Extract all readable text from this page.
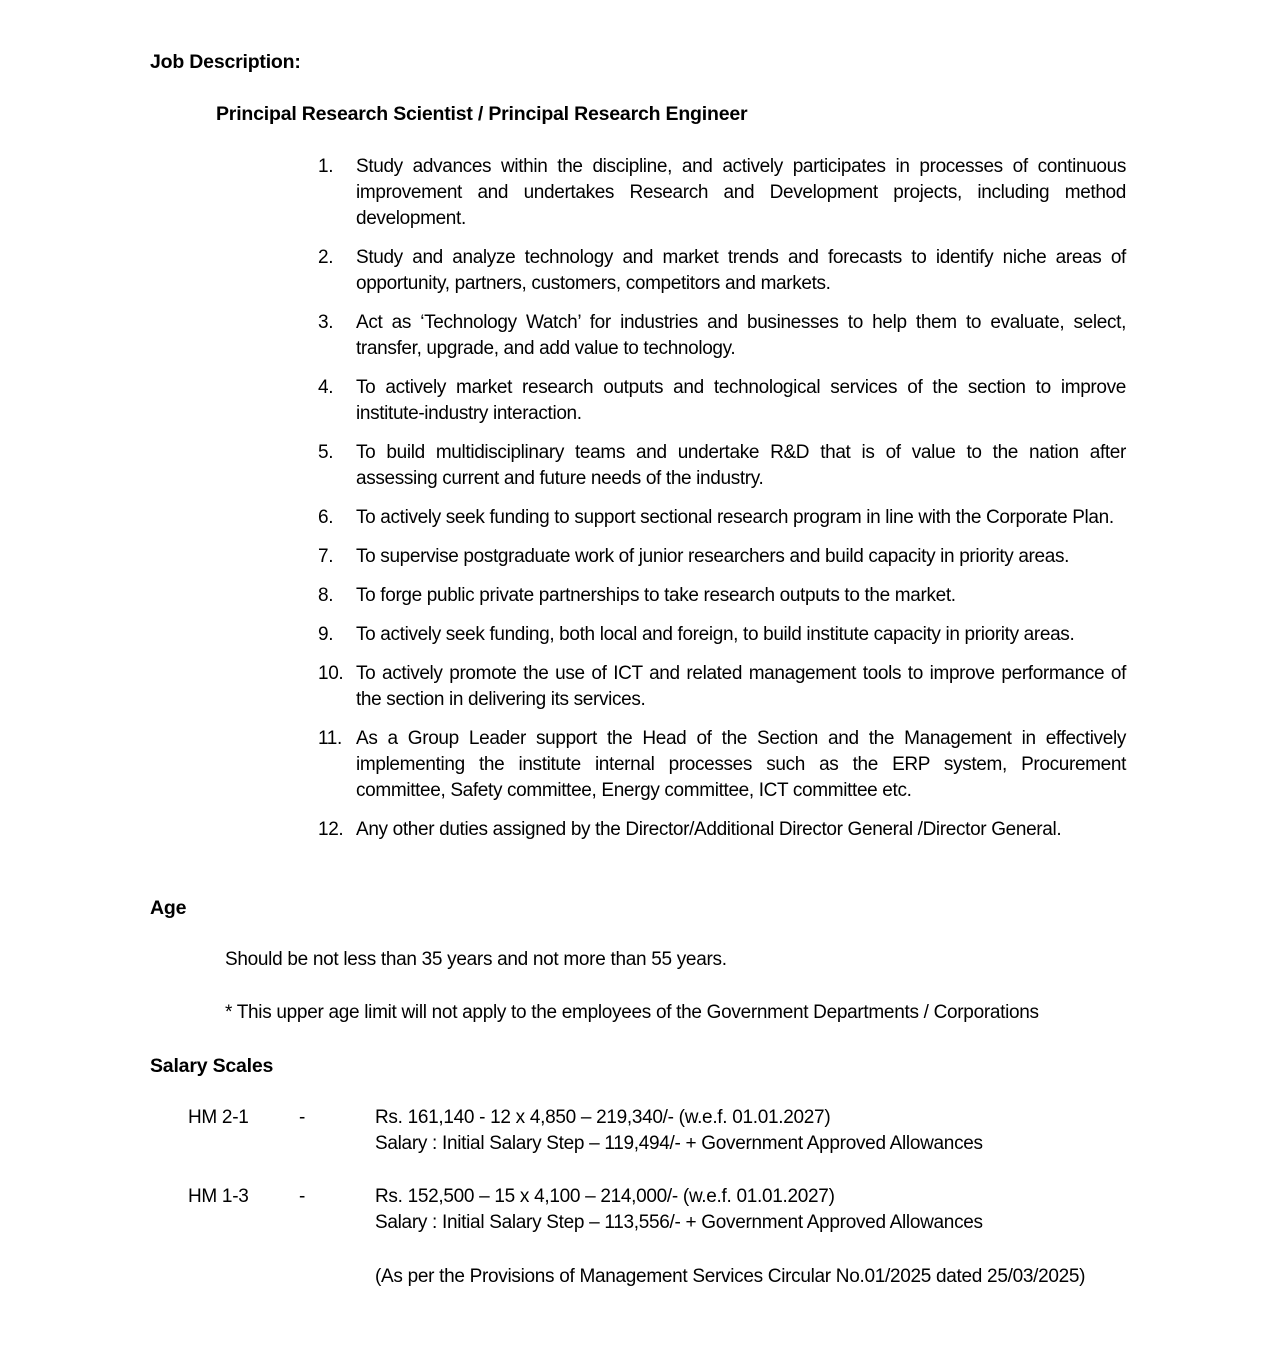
Job Description:
Principal Research Scientist / Principal Research Engineer
1.	Study advances within the discipline, and actively participates in processes of continuous improvement and undertakes Research and Development projects, including method development.
2.	Study and analyze technology and market trends and forecasts to identify niche areas of opportunity, partners, customers, competitors and markets.
3.	Act as ‘Technology Watch’ for industries and businesses to help them to evaluate, select, transfer, upgrade, and add value to technology.
4.	To actively market research outputs and technological services of the section to improve institute-industry interaction.
5.	To build multidisciplinary teams and undertake R&D that is of value to the nation after assessing current and future needs of the industry.
6.	To actively seek funding to support sectional research program in line with the Corporate Plan.
7.	To supervise postgraduate work of junior researchers and build capacity in priority areas.
8.	To forge public private partnerships to take research outputs to the market.
9.	To actively seek funding, both local and foreign, to build institute capacity in priority areas.
10. To actively promote the use of ICT and related management tools to improve performance of the section in delivering its services.
11. As a Group Leader support the Head of the Section and the Management in effectively implementing the institute internal processes such as the ERP system, Procurement committee, Safety committee, Energy committee, ICT committee etc.
12. Any other duties assigned by the Director/Additional Director General /Director General.
Age
Should be not less than 35 years and not more than 55 years.
* This upper age limit will not apply to the employees of the Government Departments / Corporations
Salary Scales
HM 2-1	-	Rs. 161,140 - 12 x 4,850 – 219,340/- (w.e.f. 01.01.2027)
Salary : Initial Salary Step – 119,494/- + Government Approved Allowances
HM 1-3	-	Rs. 152,500 – 15 x 4,100 – 214,000/- (w.e.f. 01.01.2027)
Salary : Initial Salary Step – 113,556/- + Government Approved Allowances
(As per the Provisions of Management Services Circular No.01/2025 dated 25/03/2025)
